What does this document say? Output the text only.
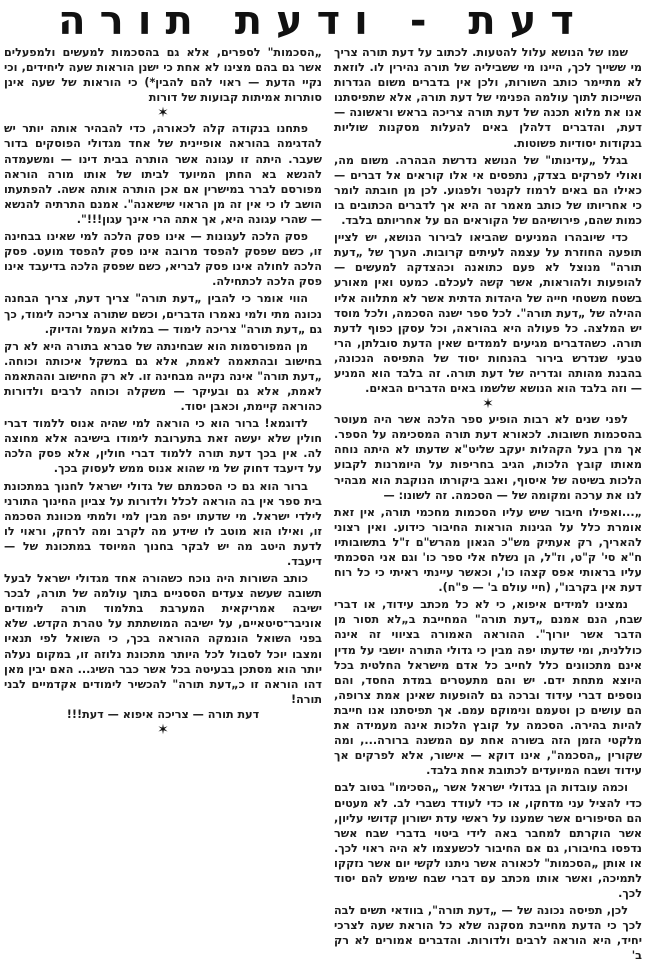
דעת - ודעת תורה

שמו של הנושא עלול להטעות. לכתוב על דעת תורה צריך מי ששייך לכך, היינו מי ששביליה של תורה נהירין לו. לוזאת לא מתיימר כותב השורות, ולכן אין בדברים משום הגדרות השייכות לתוך עולמה הפנימי של דעת תורה, אלא שתפיסתנו אנו את מלוא תכנה של דעת תורה צריכה בראש וראשונה — דעת, והדברים דלהלן באים להעלות מסקנות שוליות בנקודות יסודיות פשוטות.

בגלל „עדינותו" של הנושא נדרשת הבהרה. משום מה, ואולי לפרקים בצדק, נתפסים אי אלו קוראים אל דברים — כאילו הם באים לרמוז לקנטר ולפגוע. לכן מן חובתה לומר כי אחריותו של כותב מאמר זה היא אך לדברים הכתובים בו כמות שהם, פירושיהם של הקוראים הם על אחריותם בלבד.

כדי שיובהרו המניעים שהביאו לבירור הנושא, יש לציין תופעה החוזרת על עצמה לעיתים קרובות. הערך של „דעת תורה" מנוצל לא פעם כתואנה וכהצדקה למעשים — להופעות ולהוראות, אשר קשה לעכלם. כמעט ואין מאורע בשטח משטחי חייה של היהדות הדתית אשר לא מתלווה אליו ההילה של „דעת תורה". לכל ספר ישנה הסכמה, ולכל מוסד יש המלצה. כל פעולה היא בהוראה, וכל עסקן כפוף לדעת תורה. כשהדברים מגיעים לממדים שאין הדעת סובלתן, הרי טבעי שנדרש בירור בהנחות יסוד של התפיסה הנכונה, בהבנת מהותה וגדריה של דעת תורה. זה בלבד הוא המניע — וזה בלבד הוא הנושא שלשמו באים הדברים הבאים.

✶

לפני שנים לא רבות הופיע ספר הלכה אשר היה מעוטר בהסכמות חשובות. לכאורא דעת תורה המסכימה על הספר. אך מרן בעל הקהלות יעקב שליט"א שדעתו לא היתה נוחה מאותו קובץ הלכות, הגיב בחריפות על היומרנות לקבוע הלכות בשיטה של איסוף, ואגב ביקורתו הנוקבת הוא מבהיר לנו את ערכה ומקומה של — הסכמה. זה לשונו: —

„...ואפילו חיבור שיש עליו הסכמות מחכמי תורה, אין זאת אומרת כלל על הגינות הוראות החיבור כידוע. ואין רצוני להאריך, רק אעתיק מש"כ הגאון מהרש"ם ז"ל בתשובותיו ח"א סי' ק"ט, וז"ל, הן נשלח אלי ספר כו' וגם אני הסכמתי עליו בראותי אפס קצהו כו', וכאשר עיינתי ראיתי כי כל רוח דעת אין בקרבו", (חיי עולם ב' — פ"ח).

נמצינו למידים איפוא, כי לא כל מכתב עידוד, או דברי שבח, הנם אמנם „דעת תורה" המחייבת ב„לא תסור מן הדבר אשר יורוך". ההוראה האמורה בציווי זה אינה כוללנית, ומי שדעתו יפה מבין כי גדולי התורה יושבי על מדין אינם מתכוונים כלל לחייב כל אדם מישראל החלטית בכל היוצא מתחת ידם. יש והם מתעטרים במדת החסד, והם נוספים דברי עידוד וברכה גם להופעות שאינן אמת צרופה, הם עושים כן וטעמם ונימוקם עמם. אך תפיסתנו אנו חייבת להיות בהירה. הסכמה על קובץ הלכות אינה מעמידה את מלקטי הזמן הזה בשורה אחת עם המשנה ברורה..., ומה שקורין „הסכמה", אינו דוקא — אישור, אלא לפרקים אך עידוד ושבח המיועדים לכתובת אחת בלבד.

וכמה עובדות הן בגדולי ישראל אשר „הסכימו" בטוב לבם כדי להציל עני מדחקו, או כדי לעודד נשברי לב. לא מעטים הם הסיפורים אשר שמענו על ראשי עדת ישורון קדושי עליון, אשר הוקרתם למחבר באה לידי ביטוי בדברי שבח אשר נדפסו בחיבורו, גם אם החיבור לכשעצמו לא היה ראוי לכך. או אותן „הסכמות" לכאורה אשר ניתנו לקשי יום אשר נזקקו לתמיכה, ואשר אותו מכתב עם דברי שבח שימש להם יסוד לכך.

לכן, תפיסה נכונה של — „דעת תורה", בוודאי תשים לבה לכך כי הדעת מחייבת מסקנה שלא כל הוראת שעה לצרכי יחיד, היא הוראה לרבים ולדורות. והדברים אמורים לא רק ב'

„הסכמות" לספרים, אלא גם בהסכמות למעשים ולמפעלים אשר גם בהם מצינו לא אחת כי ישנן הוראות שעה ליחידים, וכי נקיי הדעת — ראוי להם להבין*) כי הוראות של שעה אינן סותרות אמיתות קבועות של דורות

✶

פתחנו בנקודה קלה לכאורה, כדי להבהיר אותה יותר יש להדגימה בהוראה אופיינית של אחד מגדולי הפוסקים בדור שעבר. היתה זו עגונה אשר הותרה בבית דינו — ומשעמדה להנשא בא החתן המיועד לביתו של אותו מורה הוראה מפורסם לברר במישרין אם אכן הותרה אותה אשה. להפתעתו הושב לו כי אין זה מן הראוי שישאנה". אמנם התרתיה להנשא — שהרי עגונה היא, אך אתה הרי אינך עגון!!!".

פסק הלכה לעגונות — אינו פסק הלכה למי שאינו בבחינה זו, כשם שפסק להפסד מרובה אינו פסק להפסד מועט. פסק הלכה לחולה אינו פסק לבריא, כשם שפסק הלכה בדיעבד אינו פסק הלכה לכתחילה.

הווי אומר כי להבין „דעת תורה" צריך דעת, צריך הבחנה נכונה מתי ולמי נאמרו הדברים, וכשם שתורה צריכה לימוד, כך גם „דעת תורה" צריכה לימוד — במלוא העמל והדיוק.

מן המפורסמות הוא שבחינתה של סברא בתורה היא לא רק בחישוב ובהתאמה לאמת, אלא גם במשקל איכותה וכוחה. „דעת תורה" אינה נקייה מבחינה זו. לא רק החישוב וההתאמה לאמת, אלא גם ובעיקר — משקלה וכוחה לרבים ולדורות כהוראה קיימת, וכאבן יסוד.

לדוגמא! ברור הוא כי הוראה למי שהיה אנוס ללמוד דברי חולין שלא יעשה זאת בתערובת לימודו בישיבה אלא מחוצה לה. אין בכך דעת תורה ללמוד דברי חולין, אלא פסק הלכה על דיעבד דחוק של מי שהוא אנוס ממש לעסוק בכך.

ברור הוא גם כי הסכמתם של גדולי ישראל לחנוך במתכונת בית ספר אין בה הוראה לכלל ולדורות על צביון החינוך התורני לילדי ישראל. מי שדעתו יפה מבין למי ולמתי מכוונת הסכמה זו, ואילו הוא מוטב לו שידע מה לקרב ומה לרחק, וראוי לו לדעת היטב מה יש לבקר בחנוך המיוסד במתכונת של — דיעבד.

כותב השורות היה נוכח כשהורה אחד מגדולי ישראל לבעל תשובה שעשה צעדים הססניים בתוך עולמה של תורה, לבכר ישיבה אמריקאית המערבת בתלמוד תורה לימודים אוניבר־סיטאיים, על ישיבה המושתתת על טהרת הקדש. שלא בפני השואל הונמקה ההוראה בכך, כי השואל לפי תנאיו ומצבו יוכל לסבול לכל היותר מתכונת נלוזה זו, במקום נעלה יותר הוא מסתכן בבעיטה בכל אשר כבר השיג... האם יבין מאן דהו הוראה זו כ„דעת תורה" להכשיר לימודים אקדמיים לבני תורה!

דעת תורה — צריכה איפוא — דעת!!!

✶
